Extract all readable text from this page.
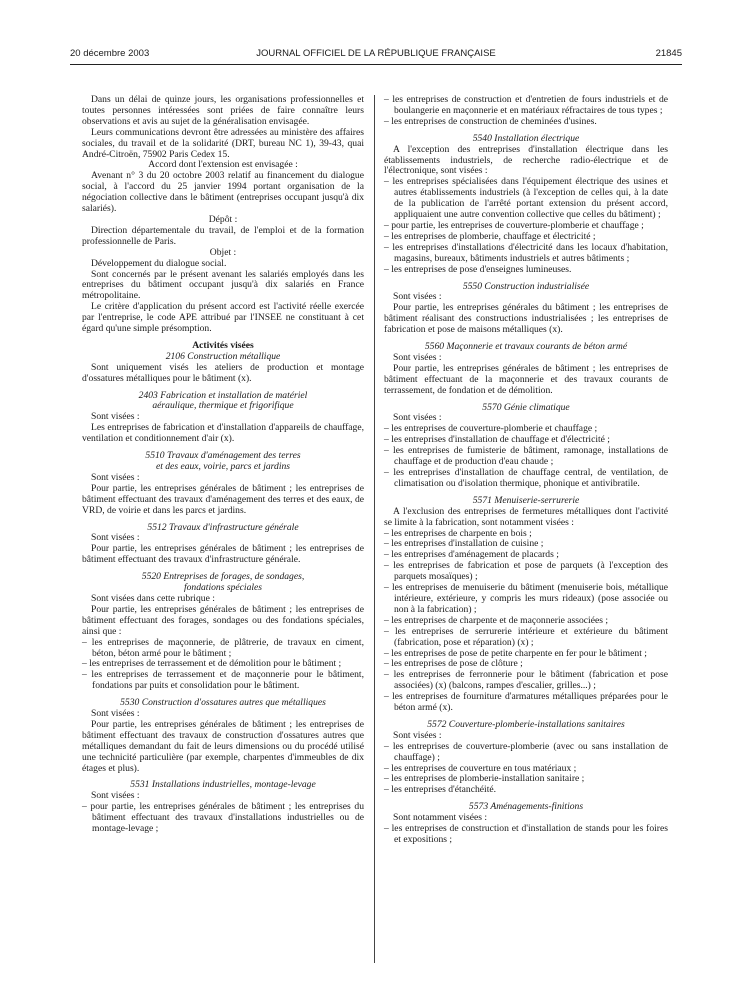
20 décembre 2003	JOURNAL OFFICIEL DE LA RÉPUBLIQUE FRANÇAISE	21845

Dans un délai de quinze jours, les organisations professionnelles et toutes personnes intéressées sont priées de faire connaître leurs observations et avis au sujet de la généralisation envisagée.

Leurs communications devront être adressées au ministère des affaires sociales, du travail et de la solidarité (DRT, bureau NC 1), 39-43, quai André-Citroën, 75902 Paris Cedex 15.

Accord dont l'extension est envisagée :

Avenant n° 3 du 20 octobre 2003 relatif au financement du dialogue social, à l'accord du 25 janvier 1994 portant organisation de la négociation collective dans le bâtiment (entreprises occupant jusqu'à dix salariés).

Dépôt :

Direction départementale du travail, de l'emploi et de la formation professionnelle de Paris.

Objet :

Développement du dialogue social.

Sont concernés par le présent avenant les salariés employés dans les entreprises du bâtiment occupant jusqu'à dix salariés en France métropolitaine.

Le critère d'application du présent accord est l'activité réelle exercée par l'entreprise, le code APE attribué par l'INSEE ne constituant à cet égard qu'une simple présomption.

Activités visées

2106 Construction métallique

Sont uniquement visés les ateliers de production et montage d'ossatures métalliques pour le bâtiment (x).

2403 Fabrication et installation de matériel

aéraulique, thermique et frigorifique

Sont visées :

Les entreprises de fabrication et d'installation d'appareils de chauffage, ventilation et conditionnement d'air (x).

5510 Travaux d'aménagement des terres

et des eaux, voirie, parcs et jardins

Sont visées :

Pour partie, les entreprises générales de bâtiment ; les entreprises de bâtiment effectuant des travaux d'aménagement des terres et des eaux, de VRD, de voirie et dans les parcs et jardins.

5512 Travaux d'infrastructure générale

Sont visées :

Pour partie, les entreprises générales de bâtiment ; les entreprises de bâtiment effectuant des travaux d'infrastructure générale.

5520 Entreprises de forages, de sondages,

fondations spéciales

Sont visées dans cette rubrique :

Pour partie, les entreprises générales de bâtiment ; les entreprises de bâtiment effectuant des forages, sondages ou des fondations spéciales, ainsi que :

– les entreprises de maçonnerie, de plâtrerie, de travaux en ciment, béton, béton armé pour le bâtiment ;

– les entreprises de terrassement et de démolition pour le bâtiment ;

– les entreprises de terrassement et de maçonnerie pour le bâtiment, fondations par puits et consolidation pour le bâtiment.

5530 Construction d'ossatures autres que métalliques

Sont visées :

Pour partie, les entreprises générales de bâtiment ; les entreprises de bâtiment effectuant des travaux de construction d'ossatures autres que métalliques demandant du fait de leurs dimensions ou du procédé utilisé une technicité particulière (par exemple, charpentes d'immeubles de dix étages et plus).

5531 Installations industrielles, montage-levage

Sont visées :

– pour partie, les entreprises générales de bâtiment ; les entreprises du bâtiment effectuant des travaux d'installations industrielles ou de montage-levage ;

– les entreprises de construction et d'entretien de fours industriels et de boulangerie en maçonnerie et en matériaux réfractaires de tous types ;

– les entreprises de construction de cheminées d'usines.

5540 Installation électrique

A l'exception des entreprises d'installation électrique dans les établissements industriels, de recherche radio-électrique et de l'électronique, sont visées :

– les entreprises spécialisées dans l'équipement électrique des usines et autres établissements industriels (à l'exception de celles qui, à la date de la publication de l'arrêté portant extension du présent accord, appliquaient une autre convention collective que celles du bâtiment) ;

– pour partie, les entreprises de couverture-plomberie et chauffage ;

– les entreprises de plomberie, chauffage et électricité ;

– les entreprises d'installations d'électricité dans les locaux d'habitation, magasins, bureaux, bâtiments industriels et autres bâtiments ;

– les entreprises de pose d'enseignes lumineuses.

5550 Construction industrialisée

Sont visées :

Pour partie, les entreprises générales du bâtiment ; les entreprises de bâtiment réalisant des constructions industrialisées ; les entreprises de fabrication et pose de maisons métalliques (x).

5560 Maçonnerie et travaux courants de béton armé

Sont visées :

Pour partie, les entreprises générales de bâtiment ; les entreprises de bâtiment effectuant de la maçonnerie et des travaux courants de terrassement, de fondation et de démolition.

5570 Génie climatique

Sont visées :

– les entreprises de couverture-plomberie et chauffage ;

– les entreprises d'installation de chauffage et d'électricité ;

– les entreprises de fumisterie de bâtiment, ramonage, installations de chauffage et de production d'eau chaude ;

– les entreprises d'installation de chauffage central, de ventilation, de climatisation ou d'isolation thermique, phonique et antivibratile.

5571 Menuiserie-serrurerie

A l'exclusion des entreprises de fermetures métalliques dont l'activité se limite à la fabrication, sont notamment visées :

– les entreprises de charpente en bois ;

– les entreprises d'installation de cuisine ;

– les entreprises d'aménagement de placards ;

– les entreprises de fabrication et pose de parquets (à l'exception des parquets mosaïques) ;

– les entreprises de menuiserie du bâtiment (menuiserie bois, métallique intérieure, extérieure, y compris les murs rideaux) (pose associée ou non à la fabrication) ;

– les entreprises de charpente et de maçonnerie associées ;

– les entreprises de serrurerie intérieure et extérieure du bâtiment (fabrication, pose et réparation) (x) ;

– les entreprises de pose de petite charpente en fer pour le bâtiment ;

– les entreprises de pose de clôture ;

– les entreprises de ferronnerie pour le bâtiment (fabrication et pose associées) (x) (balcons, rampes d'escalier, grilles...) ;

– les entreprises de fourniture d'armatures métalliques préparées pour le béton armé (x).

5572 Couverture-plomberie-installations sanitaires

Sont visées :

– les entreprises de couverture-plomberie (avec ou sans installation de chauffage) ;

– les entreprises de couverture en tous matériaux ;

– les entreprises de plomberie-installation sanitaire ;

– les entreprises d'étanchéité.

5573 Aménagements-finitions

Sont notamment visées :

– les entreprises de construction et d'installation de stands pour les foires et expositions ;
